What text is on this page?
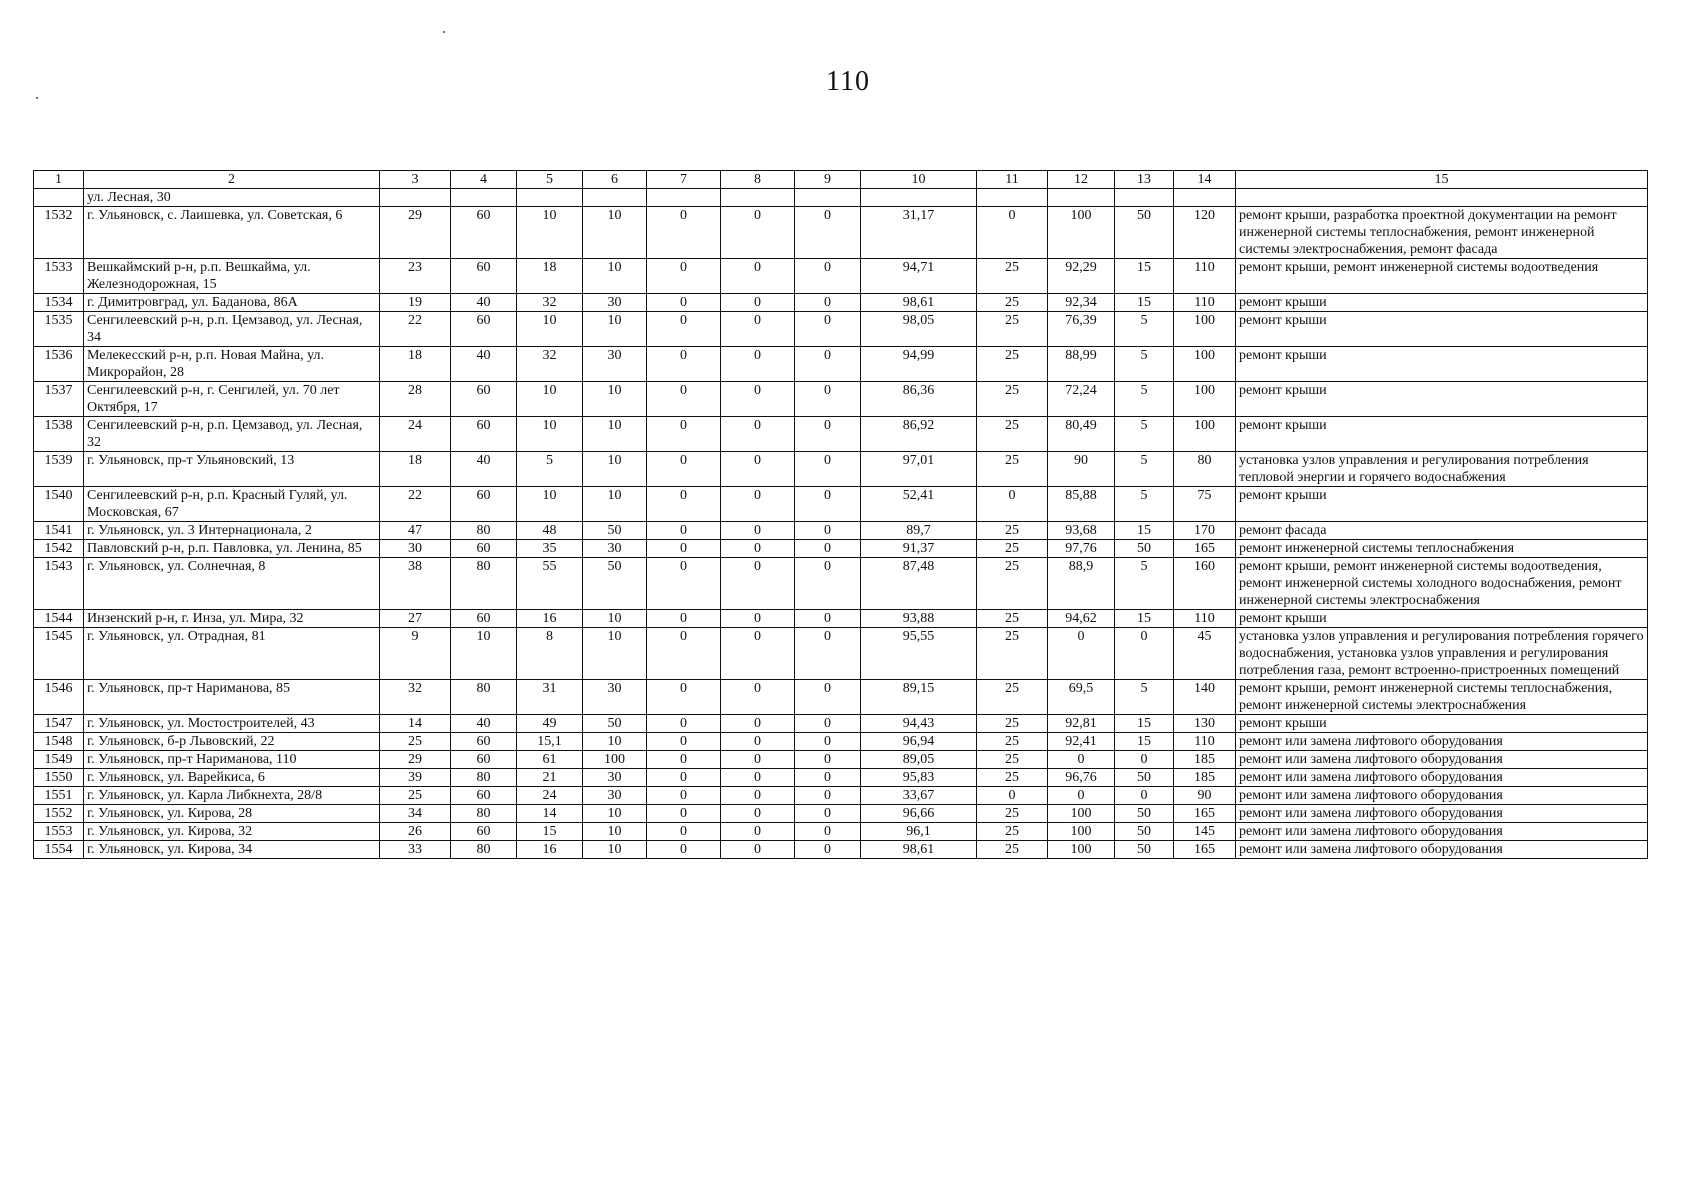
110
1	2	3	4	5	6	7	8	9	10	11	12	13	14	15
	ул. Лесная, 30													
1532	г. Ульяновск, с. Лаишевка, ул. Советская, 6	29	60	10	10	0	0	0	31,17	0	100	50	120	ремонт крыши, разработка проектной документации на ремонт инженерной системы теплоснабжения, ремонт инженерной системы электроснабжения, ремонт фасада
1533	Вешкаймский р-н, р.п. Вешкайма, ул. Железнодорожная, 15	23	60	18	10	0	0	0	94,71	25	92,29	15	110	ремонт крыши, ремонт инженерной системы водоотведения
1534	г. Димитровград, ул. Баданова, 86А	19	40	32	30	0	0	0	98,61	25	92,34	15	110	ремонт крыши
1535	Сенгилеевский р-н, р.п. Цемзавод, ул. Лесная, 34	22	60	10	10	0	0	0	98,05	25	76,39	5	100	ремонт крыши
1536	Мелекесский р-н, р.п. Новая Майна, ул. Микрорайон, 28	18	40	32	30	0	0	0	94,99	25	88,99	5	100	ремонт крыши
1537	Сенгилеевский р-н, г. Сенгилей, ул. 70 лет Октября, 17	28	60	10	10	0	0	0	86,36	25	72,24	5	100	ремонт крыши
1538	Сенгилеевский р-н, р.п. Цемзавод, ул. Лесная, 32	24	60	10	10	0	0	0	86,92	25	80,49	5	100	ремонт крыши
1539	г. Ульяновск, пр-т Ульяновский, 13	18	40	5	10	0	0	0	97,01	25	90	5	80	установка узлов управления и регулирования потребления тепловой энергии и горячего водоснабжения
1540	Сенгилеевский р-н, р.п. Красный Гуляй, ул. Московская, 67	22	60	10	10	0	0	0	52,41	0	85,88	5	75	ремонт крыши
1541	г. Ульяновск, ул. 3 Интернационала, 2	47	80	48	50	0	0	0	89,7	25	93,68	15	170	ремонт фасада
1542	Павловский р-н, р.п. Павловка, ул. Ленина, 85	30	60	35	30	0	0	0	91,37	25	97,76	50	165	ремонт инженерной системы теплоснабжения
1543	г. Ульяновск, ул. Солнечная, 8	38	80	55	50	0	0	0	87,48	25	88,9	5	160	ремонт крыши, ремонт инженерной системы водоотведения, ремонт инженерной системы холодного водоснабжения, ремонт инженерной системы электроснабжения
1544	Инзенский р-н, г. Инза, ул. Мира, 32	27	60	16	10	0	0	0	93,88	25	94,62	15	110	ремонт крыши
1545	г. Ульяновск, ул. Отрадная, 81	9	10	8	10	0	0	0	95,55	25	0	0	45	установка узлов управления и регулирования потребления горячего водоснабжения, установка узлов управления и регулирования потребления газа, ремонт встроенно-пристроенных помещений
1546	г. Ульяновск, пр-т Нариманова, 85	32	80	31	30	0	0	0	89,15	25	69,5	5	140	ремонт крыши, ремонт инженерной системы теплоснабжения, ремонт инженерной системы электроснабжения
1547	г. Ульяновск, ул. Мостостроителей, 43	14	40	49	50	0	0	0	94,43	25	92,81	15	130	ремонт крыши
1548	г. Ульяновск, б-р Львовский, 22	25	60	15,1	10	0	0	0	96,94	25	92,41	15	110	ремонт или замена лифтового оборудования
1549	г. Ульяновск, пр-т Нариманова, 110	29	60	61	100	0	0	0	89,05	25	0	0	185	ремонт или замена лифтового оборудования
1550	г. Ульяновск, ул. Варейкиса, 6	39	80	21	30	0	0	0	95,83	25	96,76	50	185	ремонт или замена лифтового оборудования
1551	г. Ульяновск, ул. Карла Либкнехта, 28/8	25	60	24	30	0	0	0	33,67	0	0	0	90	ремонт или замена лифтового оборудования
1552	г. Ульяновск, ул. Кирова, 28	34	80	14	10	0	0	0	96,66	25	100	50	165	ремонт или замена лифтового оборудования
1553	г. Ульяновск, ул. Кирова, 32	26	60	15	10	0	0	0	96,1	25	100	50	145	ремонт или замена лифтового оборудования
1554	г. Ульяновск, ул. Кирова, 34	33	80	16	10	0	0	0	98,61	25	100	50	165	ремонт или замена лифтового оборудования
